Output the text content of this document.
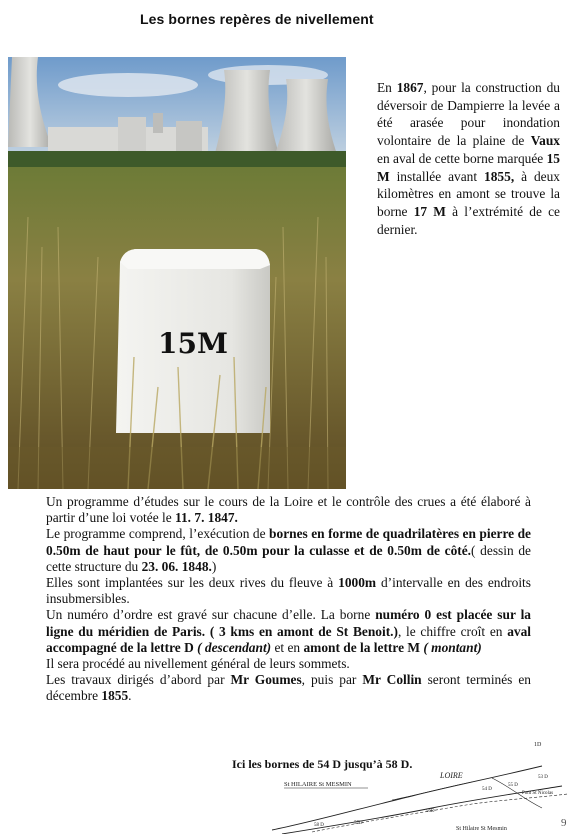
Les bornes repères de nivellement
15M
En 1867, pour la construction du déversoir de Dampierre la levée a été arasée pour inondation volontaire de la plaine de Vaux en aval de cette borne marquée 15 M installée avant 1855, à deux kilomètres en amont se trouve la borne 17 M à l’extrémité de ce dernier.

Un programme d’études sur le cours de la Loire et le contrôle des crues a été élaboré à partir d’une loi votée le 11. 7. 1847.

Le programme comprend, l’exécution de bornes en forme de quadrilatères en pierre de 0.50m de haut pour le fût, de 0.50m pour la culasse et de 0.50m de côté.( dessin de cette structure du 23. 06. 1848.)

Elles sont implantées sur les deux rives du fleuve à 1000m d’intervalle en des endroits insubmersibles.

Un numéro d’ordre est gravé sur chacune d’elle. La borne numéro 0 est placée sur la ligne du méridien de Paris. ( 3 kms en amont de St Benoit.), le chiffre croît en aval accompagné de la lettre D ( descendant) et en amont de la lettre M ( montant)

Il sera procédé au nivellement général de leurs sommets.

Les travaux dirigés d’abord par Mr Goumes, puis par Mr Collin seront terminés en décembre 1855.

Ici les bornes de 54 D jusqu’à 58 D.
St HILAIRE St MESMIN
1D
LOIRE
Pont St Nicolas
St Hilaire St Mesmin
55 D
54 D
56D
57D
58 D
53 D
9
